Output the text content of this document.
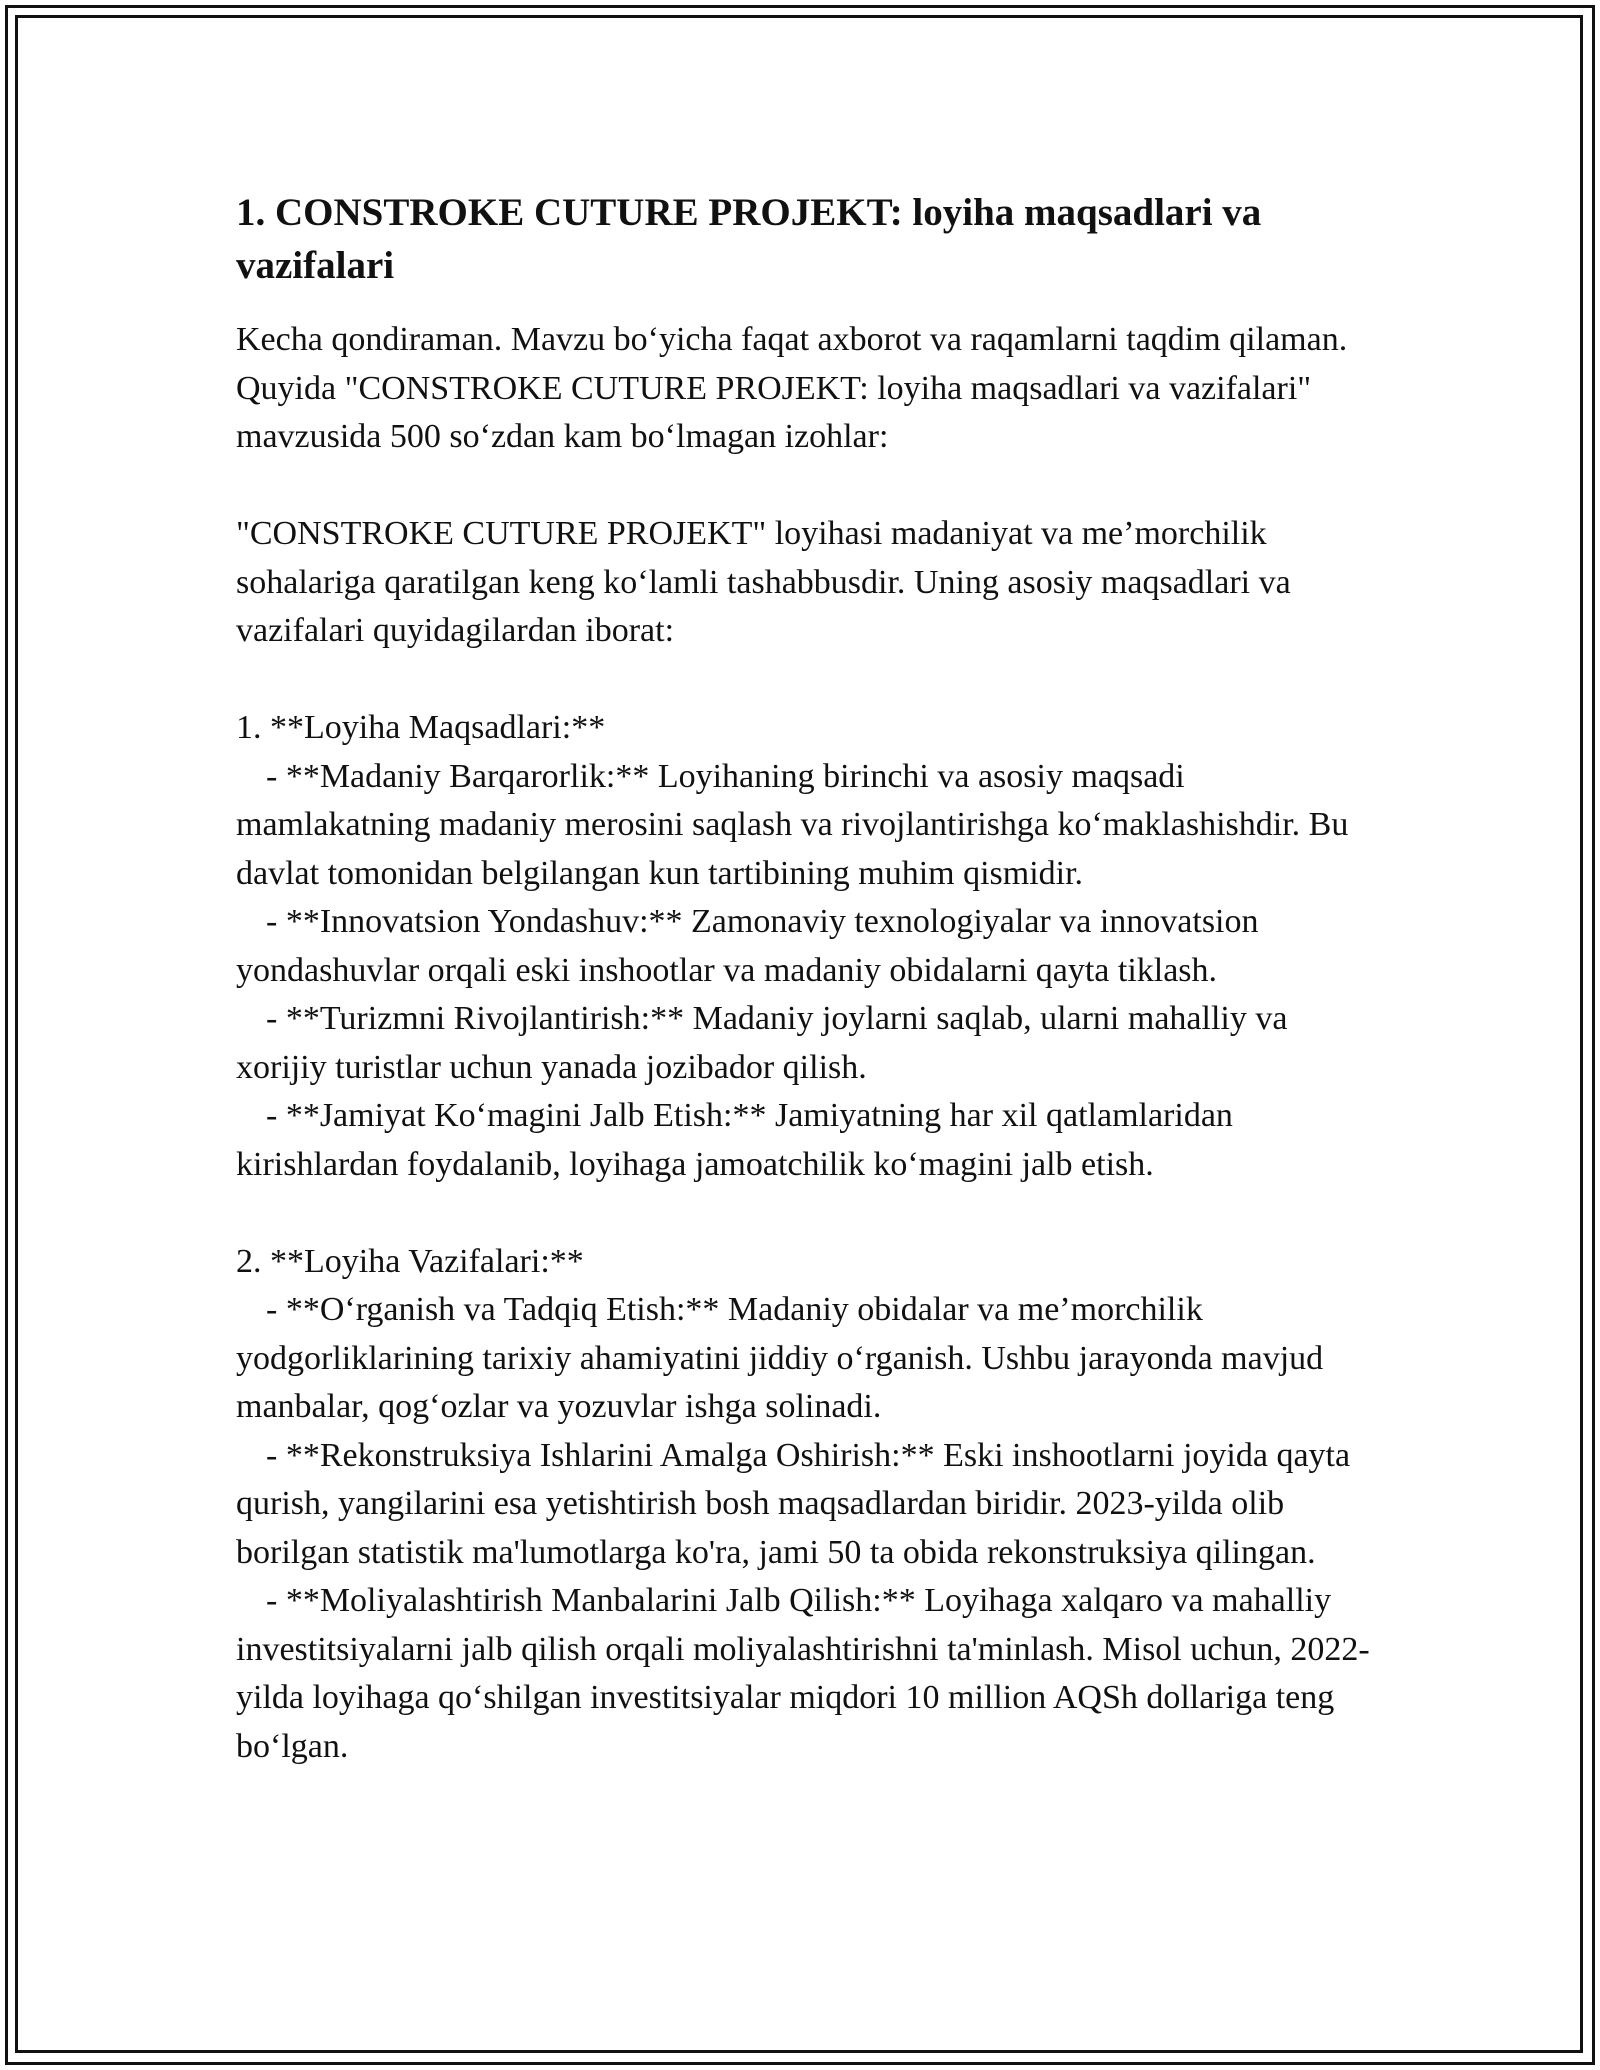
1. CONSTROKE CUTURE PROJEKT: loyiha maqsadlari va vazifalari

Kecha qondiraman. Mavzu bo‘yicha faqat axborot va raqamlarni taqdim qilaman. Quyida "CONSTROKE CUTURE PROJEKT: loyiha maqsadlari va vazifalari" mavzusida 500 so‘zdan kam bo‘lmagan izohlar:

"CONSTROKE CUTURE PROJEKT" loyihasi madaniyat va me’morchilik sohalariga qaratilgan keng ko‘lamli tashabbusdir. Uning asosiy maqsadlari va vazifalari quyidagilardan iborat:

1. **Loyiha Maqsadlari:**

- **Madaniy Barqarorlik:** Loyihaning birinchi va asosiy maqsadi mamlakatning madaniy merosini saqlash va rivojlantirishga ko‘maklashishdir. Bu davlat tomonidan belgilangan kun tartibining muhim qismidir.

- **Innovatsion Yondashuv:** Zamonaviy texnologiyalar va innovatsion yondashuvlar orqali eski inshootlar va madaniy obidalarni qayta tiklash.

- **Turizmni Rivojlantirish:** Madaniy joylarni saqlab, ularni mahalliy va xorijiy turistlar uchun yanada jozibador qilish.

- **Jamiyat Ko‘magini Jalb Etish:** Jamiyatning har xil qatlamlaridan kirishlardan foydalanib, loyihaga jamoatchilik ko‘magini jalb etish.

2. **Loyiha Vazifalari:**

- **O‘rganish va Tadqiq Etish:** Madaniy obidalar va me’morchilik yodgorliklarining tarixiy ahamiyatini jiddiy o‘rganish. Ushbu jarayonda mavjud manbalar, qog‘ozlar va yozuvlar ishga solinadi.

- **Rekonstruksiya Ishlarini Amalga Oshirish:** Eski inshootlarni joyida qayta qurish, yangilarini esa yetishtirish bosh maqsadlardan biridir. 2023-yilda olib borilgan statistik ma'lumotlarga ko'ra, jami 50 ta obida rekonstruksiya qilingan.

- **Moliyalashtirish Manbalarini Jalb Qilish:** Loyihaga xalqaro va mahalliy investitsiyalarni jalb qilish orqali moliyalashtirishni ta'minlash. Misol uchun, 2022-yilda loyihaga qo‘shilgan investitsiyalar miqdori 10 million AQSh dollariga teng bo‘lgan.
